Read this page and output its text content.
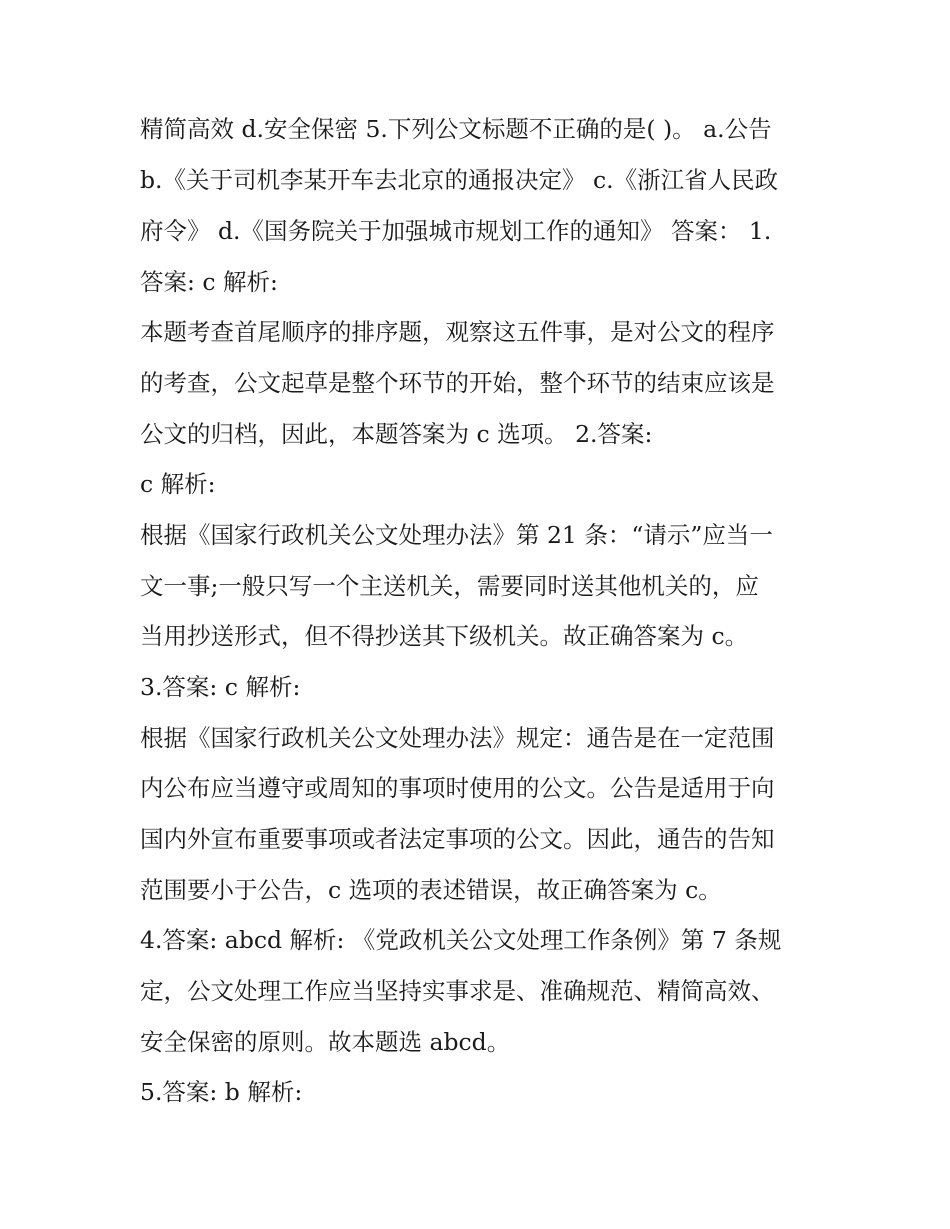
精简高效 d.安全保密 5.下列公文标题不正确的是( )。 a.公告
b.《关于司机李某开车去北京的通报决定》 c.《浙江省人民政
府令》 d.《国务院关于加强城市规划工作的通知》 答案： 1.
答案: c 解析:
本题考查首尾顺序的排序题，观察这五件事，是对公文的程序
的考查，公文起草是整个环节的开始，整个环节的结束应该是
公文的归档，因此，本题答案为 c 选项。 2.答案:
c 解析:
根据《国家行政机关公文处理办法》第 21 条：“请示”应当一
文一事;一般只写一个主送机关，需要同时送其他机关的，应
当用抄送形式，但不得抄送其下级机关。故正确答案为 c。
3.答案: c 解析:
根据《国家行政机关公文处理办法》规定：通告是在一定范围
内公布应当遵守或周知的事项时使用的公文。公告是适用于向
国内外宣布重要事项或者法定事项的公文。因此，通告的告知
范围要小于公告，c 选项的表述错误，故正确答案为 c。
4.答案: abcd 解析: 《党政机关公文处理工作条例》第 7 条规
定，公文处理工作应当坚持实事求是、准确规范、精简高效、
安全保密的原则。故本题选 abcd。
5.答案: b 解析:
